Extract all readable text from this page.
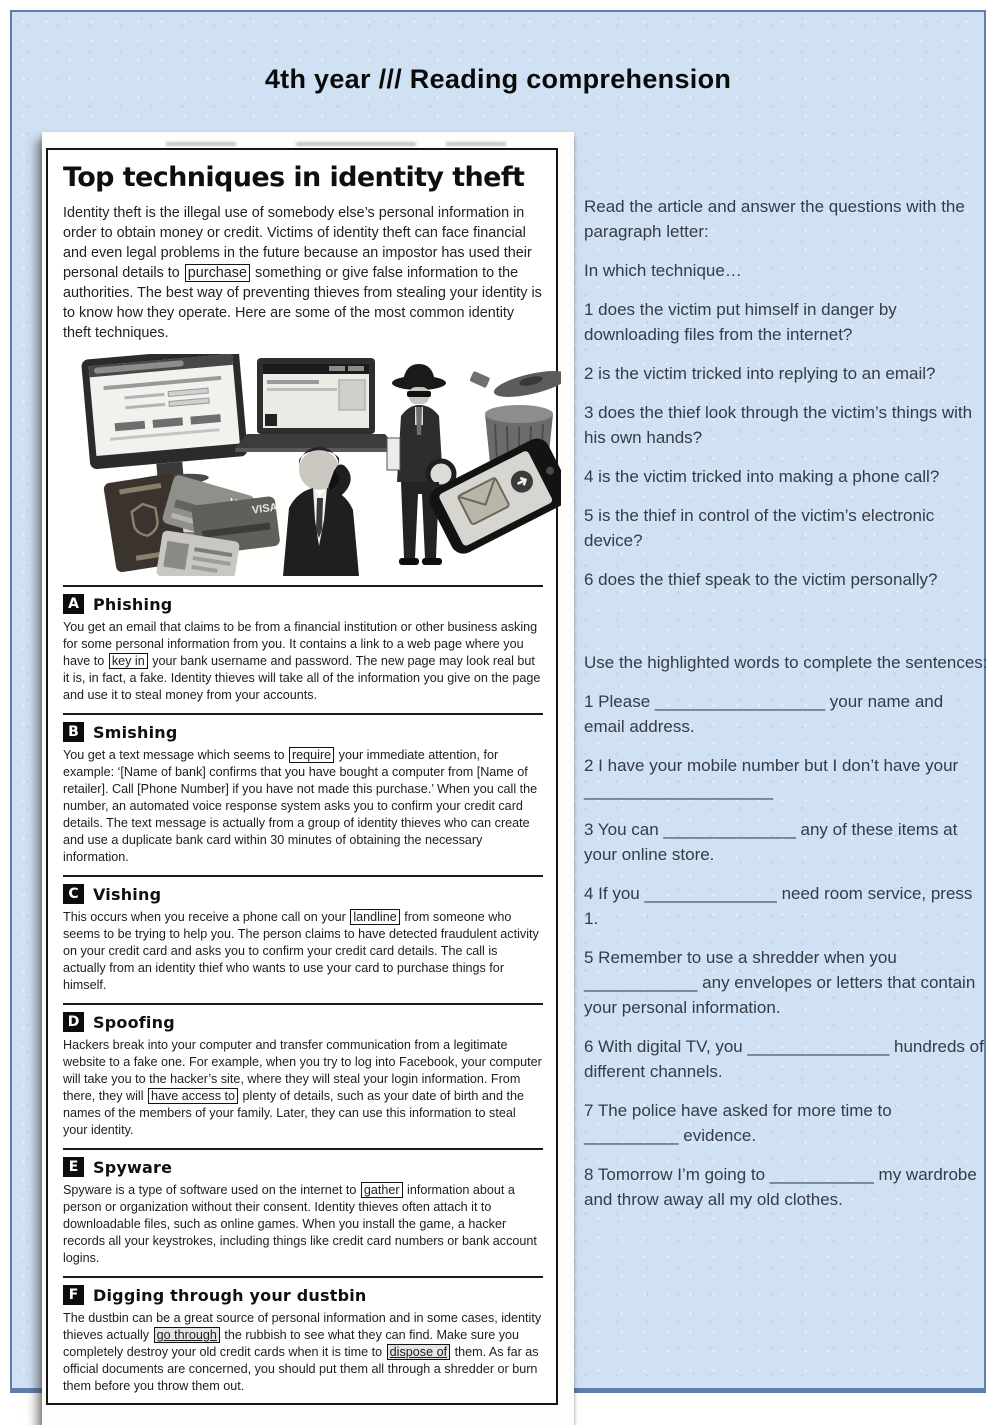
4th year /// Reading comprehension
Top techniques in identity theft
Identity theft is the illegal use of somebody else’s personal information in order to obtain money or credit. Victims of identity theft can face financial and even legal problems in the future because an impostor has used their personal details to purchase something or give false information to the authorities. The best way of preventing thieves from stealing your identity is to know how they operate. Here are some of the most common identity theft techniques.
VISA
A Phishing
You get an email that claims to be from a financial institution or other business asking for some personal information from you. It contains a link to a web page where you have to key in your bank username and password. The new page may look real but it is, in fact, a fake. Identity thieves will take all of the information you give on the page and use it to steal money from your accounts.
B Smishing
You get a text message which seems to require your immediate attention, for example: ‘[Name of bank] confirms that you have bought a computer from [Name of retailer]. Call [Phone Number] if you have not made this purchase.’ When you call the number, an automated voice response system asks you to confirm your credit card details. The text message is actually from a group of identity thieves who can create and use a duplicate bank card within 30 minutes of obtaining the necessary information.
C Vishing
This occurs when you receive a phone call on your landline from someone who seems to be trying to help you. The person claims to have detected fraudulent activity on your credit card and asks you to confirm your credit card details. The call is actually from an identity thief who wants to use your card to purchase things for himself.
D Spoofing
Hackers break into your computer and transfer communication from a legitimate website to a fake one. For example, when you try to log into Facebook, your computer will take you to the hacker’s site, where they will steal your login information. From there, they will have access to plenty of details, such as your date of birth and the names of the members of your family. Later, they can use this information to steal your identity.
E Spyware
Spyware is a type of software used on the internet to gather information about a person or organization without their consent. Identity thieves often attach it to downloadable files, such as online games. When you install the game, a hacker records all your keystrokes, including things like credit card numbers or bank account logins.
F Digging through your dustbin
The dustbin can be a great source of personal information and in some cases, identity thieves actually go through the rubbish to see what they can find. Make sure you completely destroy your old credit cards when it is time to dispose of them. As far as official documents are concerned, you should put them all through a shredder or burn them before you throw them out.

Read the article and answer the questions with the paragraph letter:

In which technique…

1 does the victim put himself in danger by downloading files from the internet?

2 is the victim tricked into replying to an email?

3 does the thief look through the victim’s things with his own hands?

4 is the victim tricked into making a phone call?

5 is the thief in control of the victim’s electronic device?

6 does the thief speak to the victim personally?

Use the highlighted words to complete the sentences:

1 Please __________________ your name and email address.

2 I have your mobile number but I don’t have your ____________________

3 You can ______________ any of these items at your online store.

4 If you ______________ need room service, press 1.

5 Remember to use a shredder when you ____________ any envelopes or letters that contain your personal information.

6 With digital TV, you _______________ hundreds of different channels.

7 The police have asked for more time to __________ evidence.

8 Tomorrow I’m going to ___________ my wardrobe and throw away all my old clothes.
